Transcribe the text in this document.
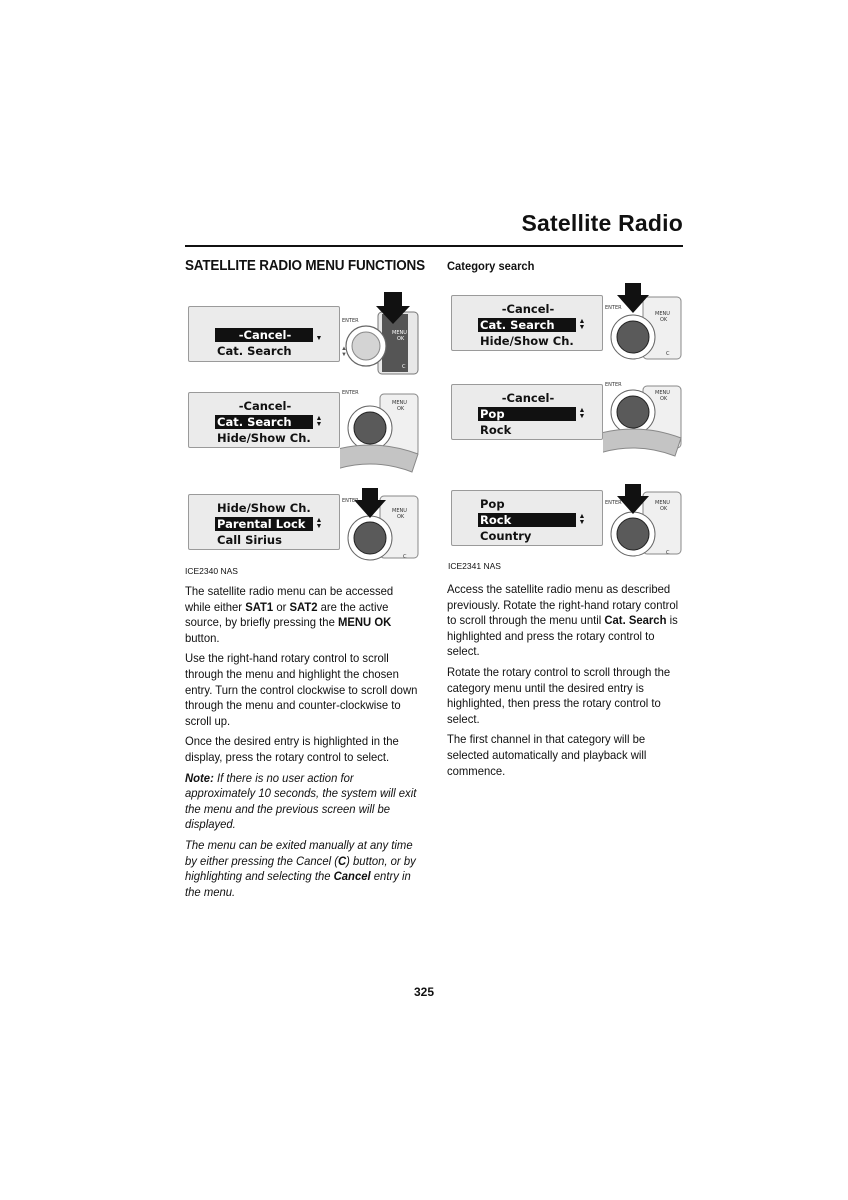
Satellite Radio
SATELLITE RADIO MENU FUNCTIONS Category search
-Cancel-
Cat. Search
▼
ENTER
MENU
OK
C
▲
▼
-Cancel-
Cat. Search
Hide/Show Ch.
▲
▼
ENTER
MENU
OK
Hide/Show Ch.
Parental Lock
Call Sirius
▲
▼
ENTER
MENU
OK
C
ICE2340 NAS
-Cancel-
Cat. Search
Hide/Show Ch.
▲
▼
ENTER
MENU
OK
C
-Cancel-
Pop
Rock
▲
▼
ENTER
MENU
OK
Pop
Rock
Country
▲
▼
ENTER	MENU
OK
C
ICE2341 NAS

The satellite radio menu can be accessed while either SAT1 or SAT2 are the active source, by briefly pressing the MENU OK button.

Use the right-hand rotary control to scroll through the menu and highlight the chosen entry. Turn the control clockwise to scroll down through the menu and counter-clockwise to scroll up.

Once the desired entry is highlighted in the display, press the rotary control to select.

Note: If there is no user action for approximately 10 seconds, the system will exit the menu and the previous screen will be displayed.

The menu can be exited manually at any time by either pressing the Cancel (C) button, or by highlighting and selecting the Cancel entry in the menu.

Access the satellite radio menu as described previously. Rotate the right-hand rotary control to scroll through the menu until Cat. Search is highlighted and press the rotary control to select.

Rotate the rotary control to scroll through the category menu until the desired entry is highlighted, then press the rotary control to select.

The first channel in that category will be selected automatically and playback will commence.

325
